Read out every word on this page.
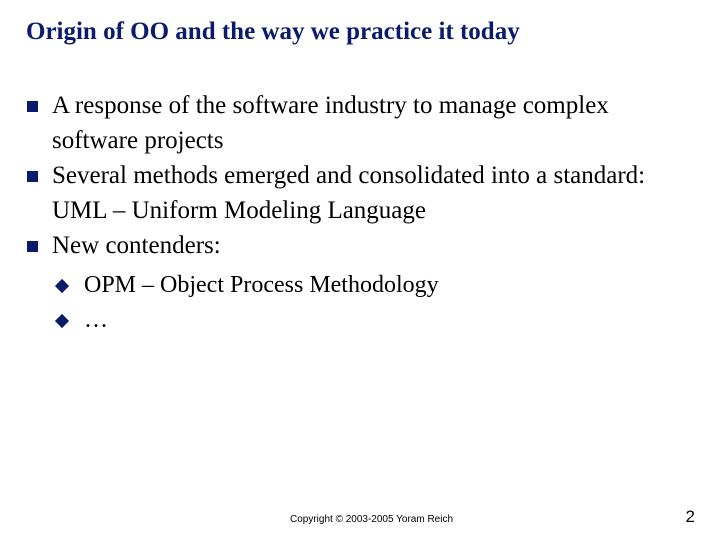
Origin of OO and the way we practice it today
A response of the software industry to manage complex software projects
Several methods emerged and consolidated into a standard: UML – Uniform Modeling Language
New contenders:
OPM – Object Process Methodology
…
Copyright © 2003-2005 Yoram Reich	2
